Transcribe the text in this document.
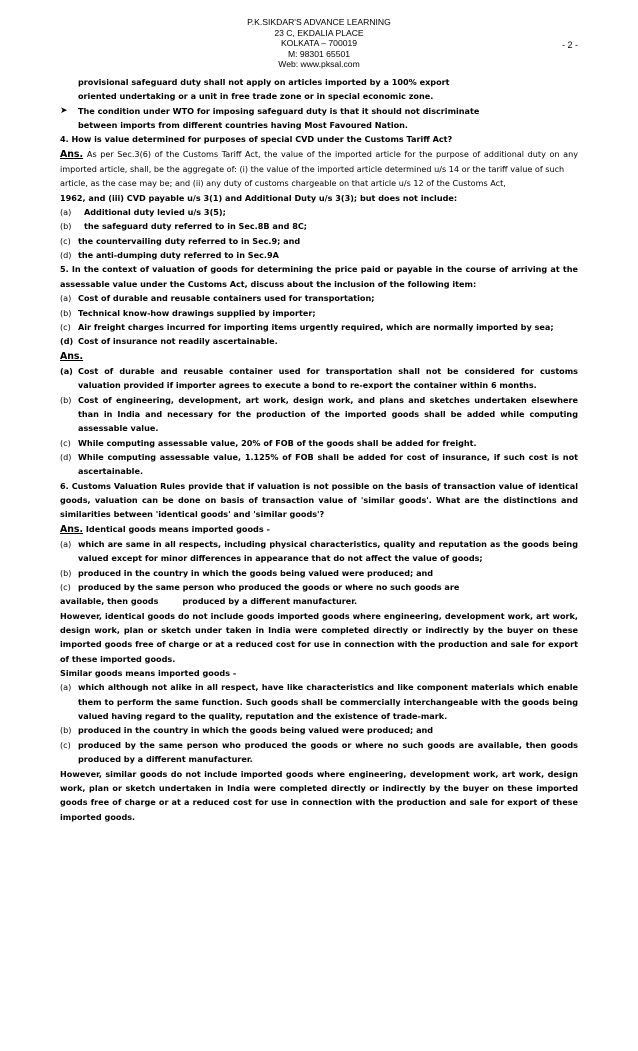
P.K.SIKDAR'S ADVANCE LEARNING
23 C, EKDALIA PLACE
KOLKATA – 700019
M: 98301 65501
Web: www.pksal.com
- 2 -

provisional safeguard duty shall not apply on articles imported by a 100% export

oriented undertaking or a unit in free trade zone or in special economic zone.

➤	The condition under WTO for imposing safeguard duty is that it should not discriminate
between imports from different countries having Most Favoured Nation.

4. How is value determined for purposes of special CVD under the Customs Tariff Act?

Ans. As per Sec.3(6) of the Customs Tariff Act, the value of the imported article for the purpose of additional duty on any imported article, shall, be the aggregate of: (i) the value of the imported article determined u/s 14 or the tariff value of such

article, as the case may be; and (ii) any duty of customs chargeable on that article u/s 12 of the Customs Act,

1962, and (iii) CVD payable u/s 3(1) and Additional Duty u/s 3(3); but does not include:

(a)	Additional duty levied u/s 3(5);
(b)	the safeguard duty referred to in Sec.8B and 8C;
(c) the countervailing duty referred to in Sec.9; and
(d) the anti-dumping duty referred to in Sec.9A

5. In the context of valuation of goods for determining the price paid or payable in the course of arriving at the assessable value under the Customs Act, discuss about the inclusion of the following item:

(a) Cost of durable and reusable containers used for transportation;
(b) Technical know-how drawings supplied by importer;
(c) Air freight charges incurred for importing items urgently required, which are normally imported by sea;
(d) Cost of insurance not readily ascertainable.

Ans.

(a) Cost of durable and reusable container used for transportation shall not be considered for customs valuation provided if importer agrees to execute a bond to re-export the container within 6 months.
(b) Cost of engineering, development, art work, design work, and plans and sketches undertaken elsewhere than in India and necessary for the production of the imported goods shall be added while computing assessable value.
(c) While computing assessable value, 20% of FOB of the goods shall be added for freight.
(d) While computing assessable value, 1.125% of FOB shall be added for cost of insurance, if such cost is not ascertainable.

6. Customs Valuation Rules provide that if valuation is not possible on the basis of transaction value of identical goods, valuation can be done on basis of transaction value of 'similar goods'. What are the distinctions and similarities between 'identical goods' and 'similar goods'?

Ans. Identical goods means imported goods -

(a) which are same in all respects, including physical characteristics, quality and reputation as the goods being valued except for minor differences in appearance that do not affect the value of goods;
(b) produced in the country in which the goods being valued were produced; and
(c) produced by the same person who produced the goods or where no such goods are

available, then goods	produced by a different manufacturer.

However, identical goods do not include goods imported goods where engineering, development work, art work, design work, plan or sketch under taken in India were completed directly or indirectly by the buyer on these imported goods free of charge or at a reduced cost for use in connection with the production and sale for export of these imported goods.

Similar goods means imported goods -

(a) which although not alike in all respect, have like characteristics and like component materials which enable them to perform the same function. Such goods shall be commercially interchangeable with the goods being valued having regard to the quality, reputation and the existence of trade-mark.
(b) produced in the country in which the goods being valued were produced; and
(c) produced by the same person who produced the goods or where no such goods are available, then goods produced by a different manufacturer.

However, similar goods do not include imported goods where engineering, development work, art work, design work, plan or sketch undertaken in India were completed directly or indirectly by the buyer on these imported goods free of charge or at a reduced cost for use in connection with the production and sale for export of these imported goods.
